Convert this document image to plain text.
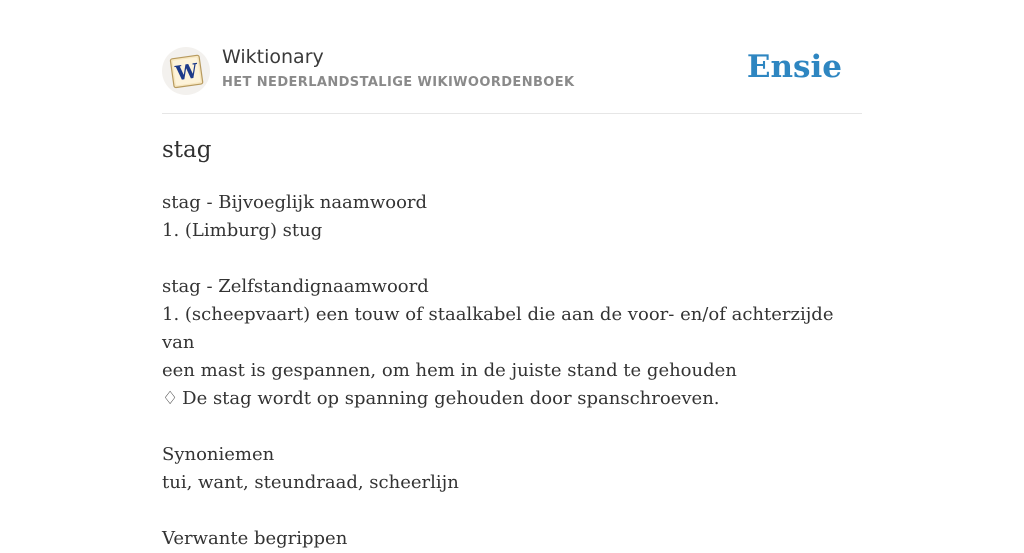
W
Wiktionary
HET NEDERLANDSTALIGE WIKIWOORDENBOEK	Ensie
stag
stag - Bijvoeglijk naamwoord
1. (Limburg) stug
stag - Zelfstandignaamwoord
1. (scheepvaart) een touw of staalkabel die aan de voor- en/of achterzijde van
een mast is gespannen, om hem in de juiste stand te gehouden
♢ De stag wordt op spanning gehouden door spanschroeven.
Synoniemen
tui, want, steundraad, scheerlijn
Verwante begrippen
